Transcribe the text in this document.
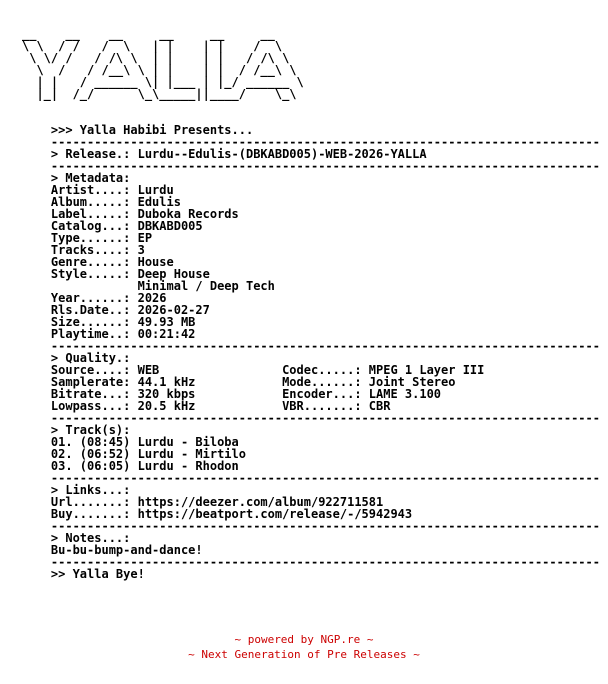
__    __    __     __     __     __
\ \  / /   /  \   | |    | |    /  \
\ \/ /   / /\ \  | |    | |   / /\ \
\  /   / /__\ \ | |    | |  / /__\ \
| |   / ______ \| |___ | |_/ ______ \
|_|  /_/      \_\_____||____/    \_\

>>> Yalla Habibi Presents...
----------------------------------------------------------------------------
> Release.: Lurdu--Edulis-(DBKABD005)-WEB-2026-YALLA
----------------------------------------------------------------------------
> Metadata:
Artist....: Lurdu
Album.....: Edulis
Label.....: Duboka Records
Catalog...: DBKABD005
Type......: EP
Tracks....: 3
Genre.....: House
Style.....: Deep House
Minimal / Deep Tech
Year......: 2026
Rls.Date..: 2026-02-27
Size......: 49.93 MB
Playtime..: 00:21:42
----------------------------------------------------------------------------
> Quality.:
Source....: WEB                 Codec.....: MPEG 1 Layer III
Samplerate: 44.1 kHz            Mode......: Joint Stereo
Bitrate...: 320 kbps            Encoder...: LAME 3.100
Lowpass...: 20.5 kHz            VBR.......: CBR
----------------------------------------------------------------------------
> Track(s):
01. (08:45) Lurdu - Biloba
02. (06:52) Lurdu - Mirtilo
03. (06:05) Lurdu - Rhodon
----------------------------------------------------------------------------
> Links...:
Url.......: https://deezer.com/album/922711581
Buy.......: https://beatport.com/release/-/5942943
----------------------------------------------------------------------------
> Notes...:
Bu-bu-bump-and-dance!
----------------------------------------------------------------------------
>> Yalla Bye!
~ powered by NGP.re ~
~ Next Generation of Pre Releases ~
